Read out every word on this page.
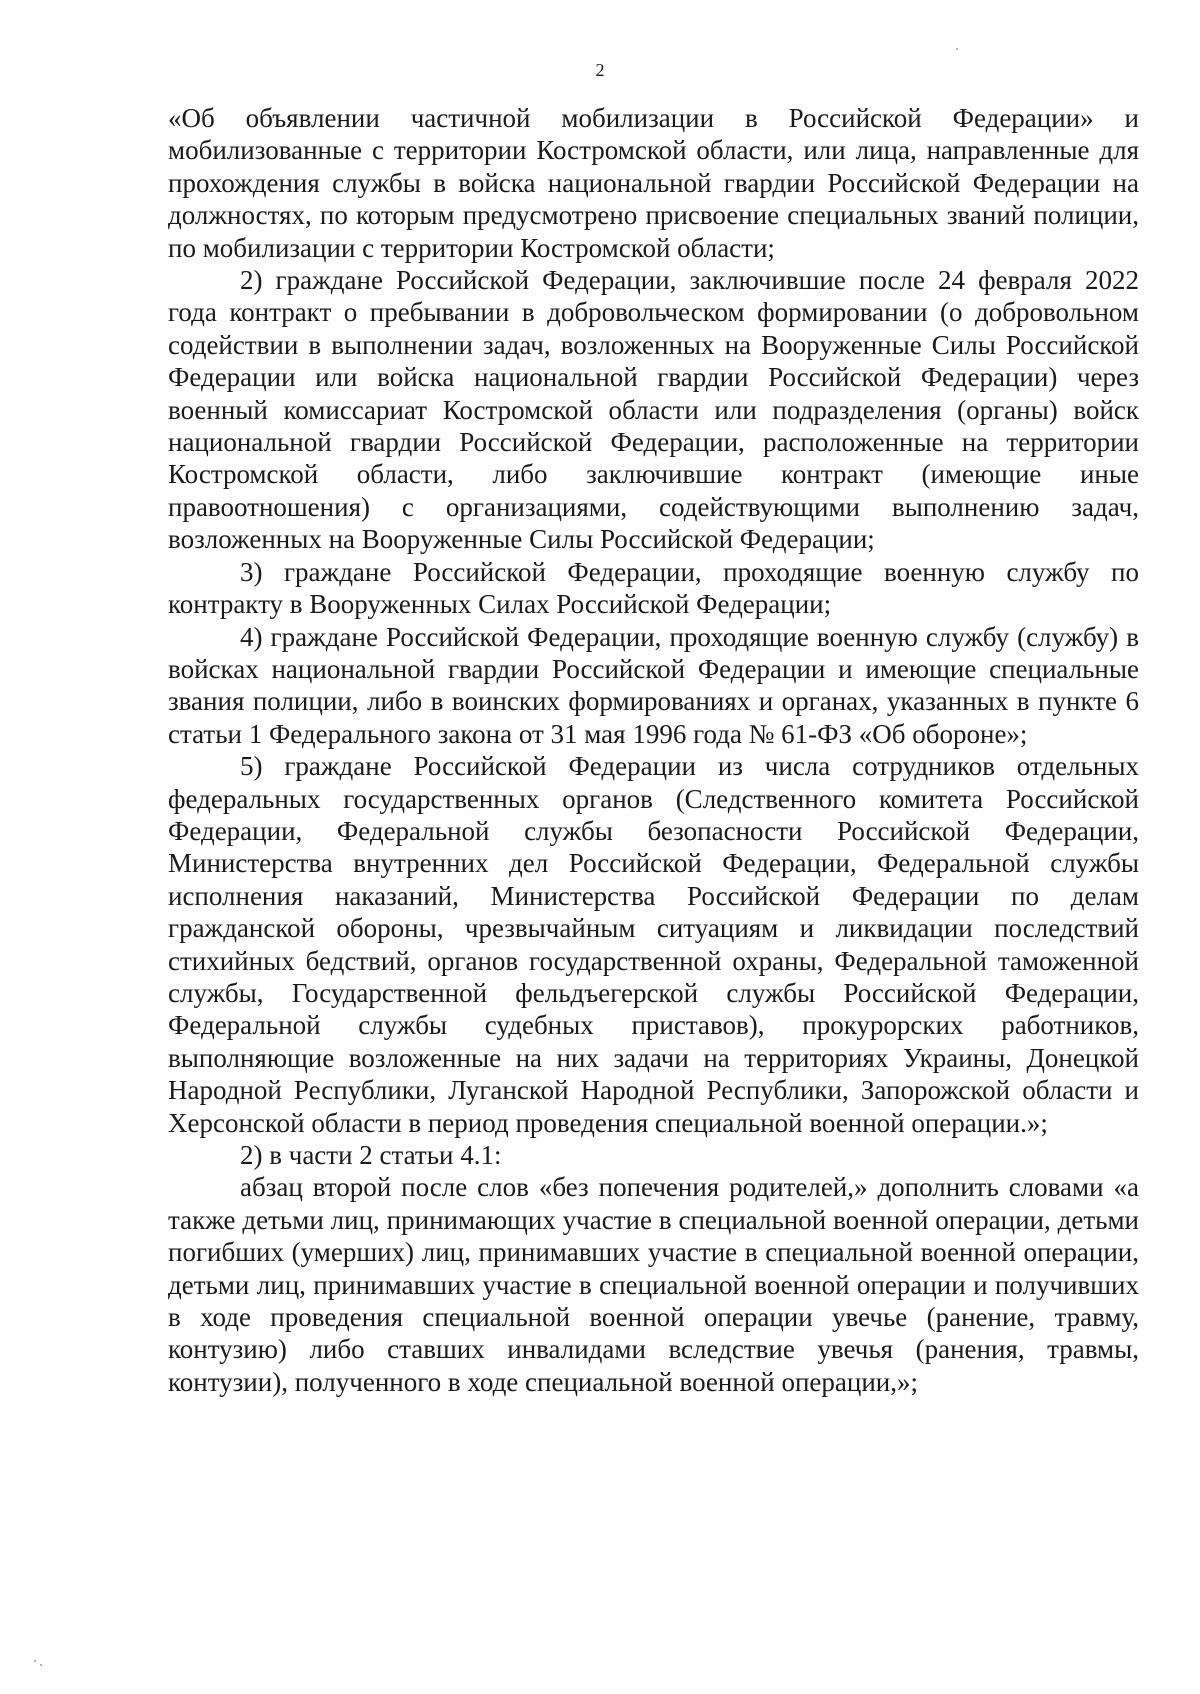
2

«Об объявлении частичной мобилизации в Российской Федерации» и мобилизованные с территории Костромской области, или лица, направленные для прохождения службы в войска национальной гвардии Российской Федерации на должностях, по которым предусмотрено присвоение специальных званий полиции, по мобилизации с территории Костромской области;

2) граждане Российской Федерации, заключившие после 24 февраля 2022 года контракт о пребывании в добровольческом формировании (о добровольном содействии в выполнении задач, возложенных на Вооруженные Силы Российской Федерации или войска национальной гвардии Российской Федерации) через военный комиссариат Костромской области или подразделения (органы) войск национальной гвардии Российской Федерации, расположенные на территории Костромской области, либо заключившие контракт (имеющие иные правоотношения) с организациями, содействующими выполнению задач, возложенных на Вооруженные Силы Российской Федерации;

3) граждане Российской Федерации, проходящие военную службу по контракту в Вооруженных Силах Российской Федерации;

4) граждане Российской Федерации, проходящие военную службу (службу) в войсках национальной гвардии Российской Федерации и имеющие специальные звания полиции, либо в воинских формированиях и органах, указанных в пункте 6 статьи 1 Федерального закона от 31 мая 1996 года № 61-ФЗ «Об обороне»;

5) граждане Российской Федерации из числа сотрудников отдельных федеральных государственных органов (Следственного комитета Российской Федерации, Федеральной службы безопасности Российской Федерации, Министерства внутренних дел Российской Федерации, Федеральной службы исполнения наказаний, Министерства Российской Федерации по делам гражданской обороны, чрезвычайным ситуациям и ликвидации последствий стихийных бедствий, органов государственной охраны, Федеральной таможенной службы, Государственной фельдъегерской службы Российской Федерации, Федеральной службы судебных приставов), прокурорских работников, выполняющие возложенные на них задачи на территориях Украины, Донецкой Народной Республики, Луганской Народной Республики, Запорожской области и Херсонской области в период проведения специальной военной операции.»;

2) в части 2 статьи 4.1:

абзац второй после слов «без попечения родителей,» дополнить словами «а также детьми лиц, принимающих участие в специальной военной операции, детьми погибших (умерших) лиц, принимавших участие в специальной военной операции, детьми лиц, принимавших участие в специальной военной операции и получивших в ходе проведения специальной военной операции увечье (ранение, травму, контузию) либо ставших инвалидами вследствие увечья (ранения, травмы, контузии), полученного в ходе специальной военной операции,»;
